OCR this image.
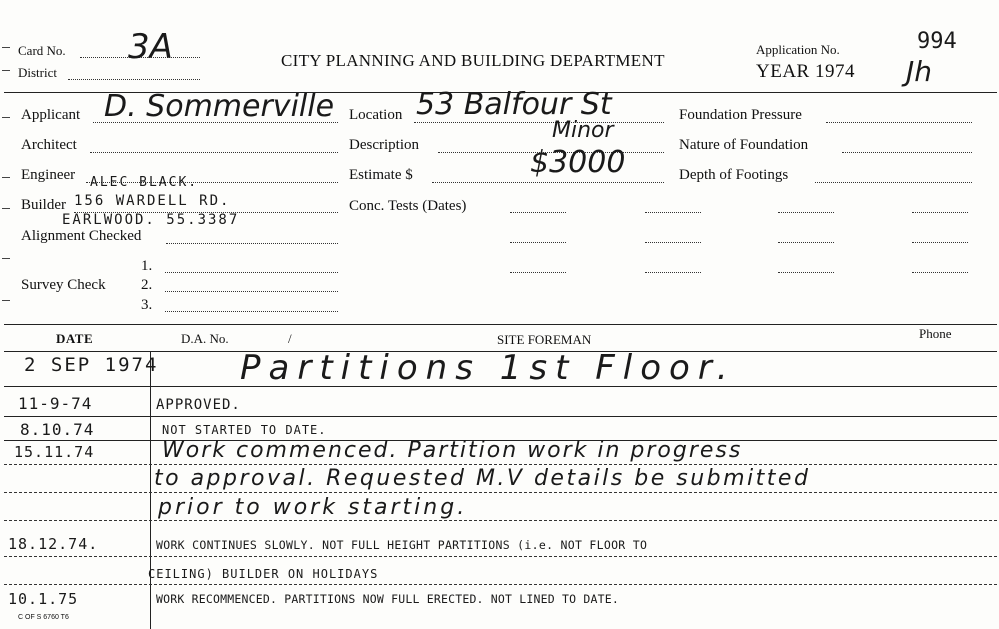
Card No. 3A
District
CITY PLANNING AND BUILDING DEPARTMENT
Application No.	994
YEAR 1974 Jh
Applicant D. Sommerville
Architect
Engineer ALEC BLACK.
Builder 156 WARDELL RD.
EARLWOOD. 55.3387
Alignment Checked
1.
Survey Check 2.
3.
Location 53 Balfour St
Description
Minor
Estimate $	$3000
Conc. Tests (Dates)
Foundation Pressure
Nature of Foundation
Depth of Footings
DATE	D.A. No.	/	SITE FOREMAN	Phone
2 SEP 1974 Partitions 1st Floor.
11-9-74	APPROVED.
8.10.74	NOT STARTED TO DATE.
15.11.74	Work commenced. Partition work in progress
to approval. Requested M.V details be submitted
prior to work starting.
18.12.74.	WORK CONTINUES SLOWLY. NOT FULL HEIGHT PARTITIONS (i.e. NOT FLOOR TO
CEILING) BUILDER ON HOLIDAYS
10.1.75	WORK RECOMMENCED. PARTITIONS NOW FULL ERECTED. NOT LINED TO DATE.
C OF S 6760 T6
